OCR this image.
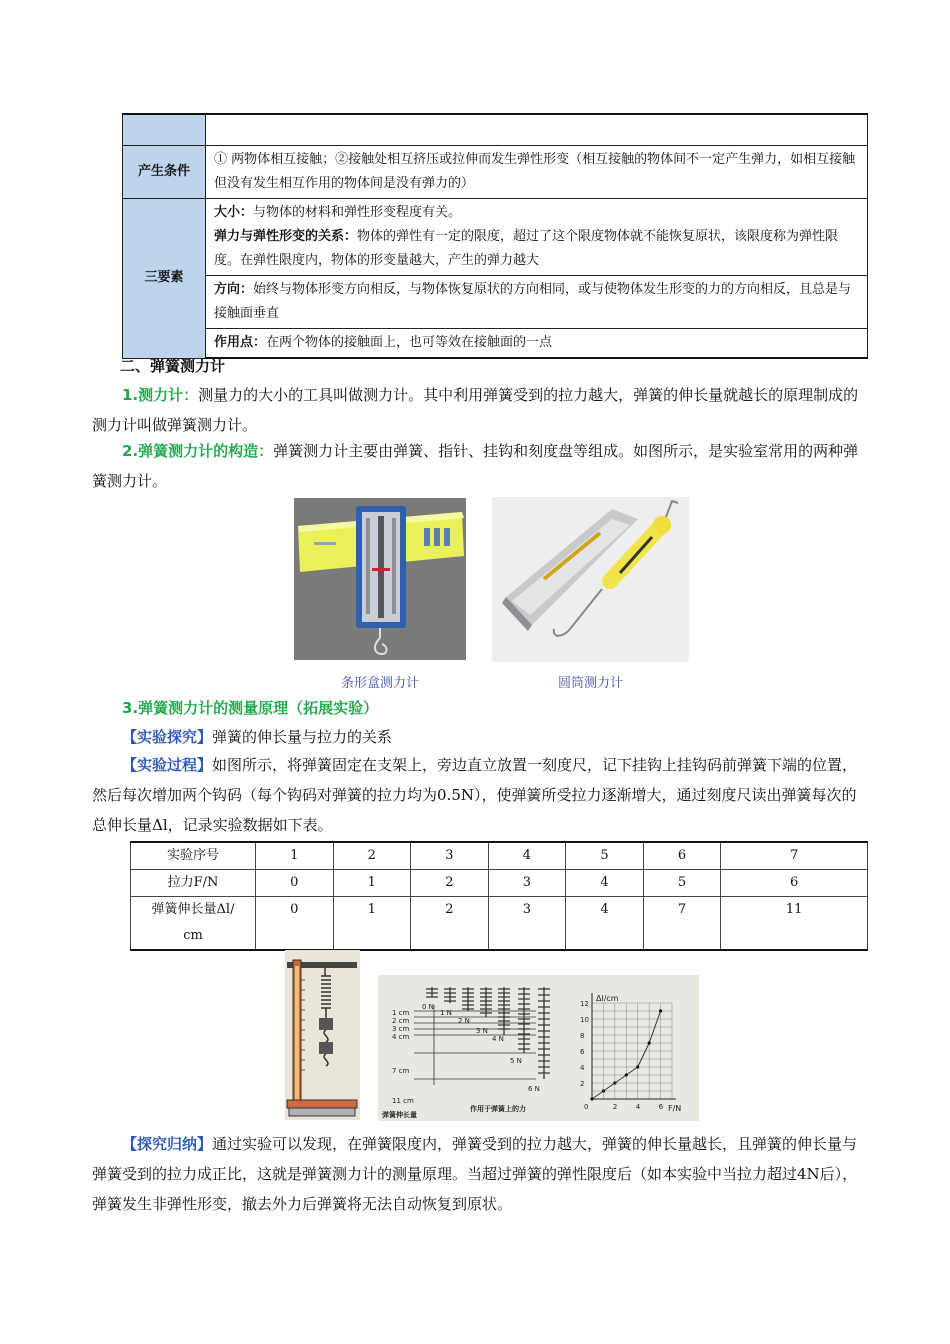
产生条件	① 两物体相互接触；②接触处相互挤压或拉伸而发生弹性形变（相互接触的物体间不一定产生弹力，如相互接触但没有发生相互作用的物体间是没有弹力的）
三要素	大小：与物体的材料和弹性形变程度有关。
弹力与弹性形变的关系：物体的弹性有一定的限度，超过了这个限度物体就不能恢复原状，该限度称为弹性限度。在弹性限度内，物体的形变量越大，产生的弹力越大

	方向：始终与物体形变方向相反，与物体恢复原状的方向相同，或与使物体发生形变的力的方向相反，且总是与接触面垂直
	作用点：在两个物体的接触面上，也可等效在接触面的一点
二、弹簧测力计
1.测力计：测量力的大小的工具叫做测力计。其中利用弹簧受到的拉力越大，弹簧的伸长量就越长的原理制成的测力计叫做弹簧测力计。
2.弹簧测力计的构造：弹簧测力计主要由弹簧、指针、挂钩和刻度盘等组成。如图所示，是实验室常用的两种弹簧测力计。
条形盒测力计	圆筒测力计
3.弹簧测力计的测量原理（拓展实验）
【实验探究】弹簧的伸长量与拉力的关系
【实验过程】如图所示，将弹簧固定在支架上，旁边直立放置一刻度尺，记下挂钩上挂钩码前弹簧下端的位置，然后每次增加两个钩码（每个钩码对弹簧的拉力均为0.5N），使弹簧所受拉力逐渐增大，通过刻度尺读出弹簧每次的总伸长量Δl，记录实验数据如下表。
实验序号	1	2	3	4	5	6	7
拉力F/N	0	1	2	3	4	5	6

弹簧伸长量Δl/
cm	0	1	2	3	4	7	11
1 cm
2 cm
3 cm
4 cm
7 cm
11 cm
0 N
1 N
2 N
3 N
4 N
5 N
6 N
弹簧伸长量
作用于弹簧上的力
Δl/cm
F/N
0
2
4
6
8
10
12
2	4	6
【探究归纳】通过实验可以发现，在弹簧限度内，弹簧受到的拉力越大，弹簧的伸长量越长，且弹簧的伸长量与弹簧受到的拉力成正比，这就是弹簧测力计的测量原理。当超过弹簧的弹性限度后（如本实验中当拉力超过4N后），弹簧发生非弹性形变，撤去外力后弹簧将无法自动恢复到原状。
